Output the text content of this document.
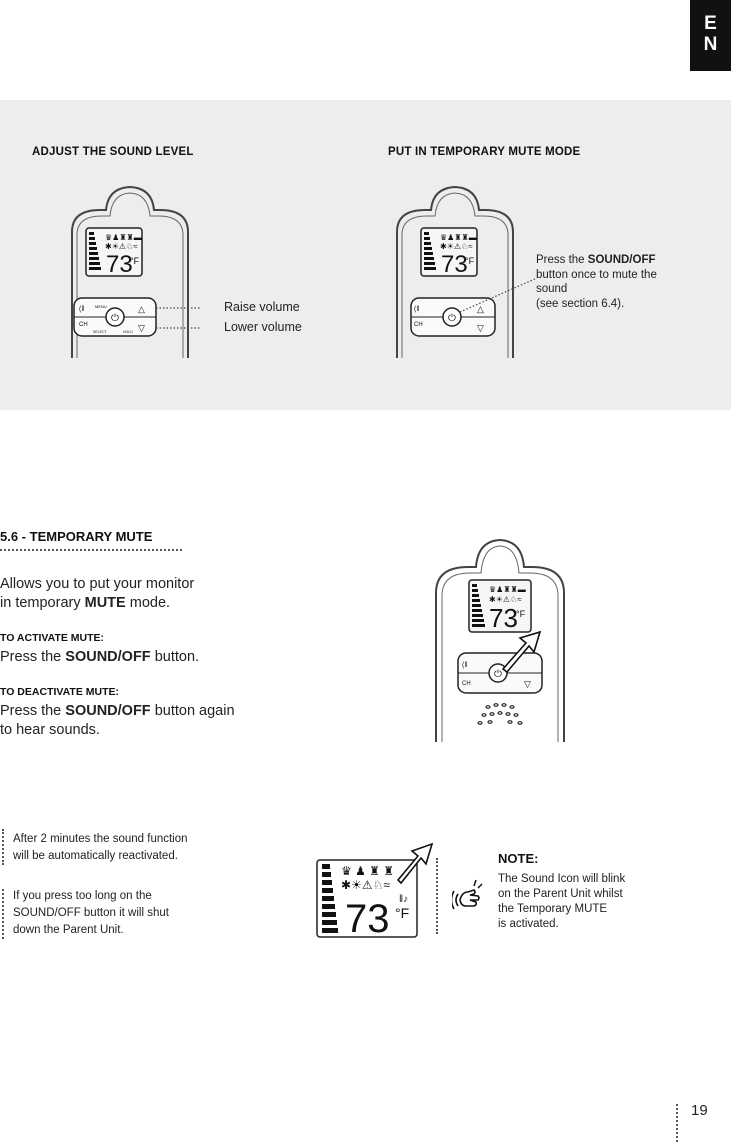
E
N
ADJUST THE SOUND LEVEL	PUT IN TEMPORARY MUTE MODE
♛♟♜♜▬
✱☀⚠♘≈
73
°F
⏻
MENU
CH
SELECT	HOLD
(ǁ	△
▽
Raise volume
Lower volume
♛♟♜♜▬
✱☀⚠♘≈
73
°F
⏻
(ǁ
CH
△
▽
Press the SOUND/OFF button once to mute the sound
(see section 6.4).
5.6 - TEMPORARY MUTE
Allows you to put your monitor
in temporary MUTE mode.
TO ACTIVATE MUTE:
Press the SOUND/OFF button.
TO DEACTIVATE MUTE:
Press the SOUND/OFF button again
to hear sounds.
♛♟♜♜▬
✱☀⚠♘≈
73
°F
⏻
(ǁ
CH	▽
After 2 minutes the sound function
will be automatically reactivated.
If you press too long on the
SOUND/OFF button it will shut
down the Parent Unit.
♛ ♟ ♜ ♜
✱☀⚠♘≈
73 °F
ǁ♪
NOTE:
The Sound Icon will blink
on the Parent Unit whilst
the Temporary MUTE
is activated.
19
